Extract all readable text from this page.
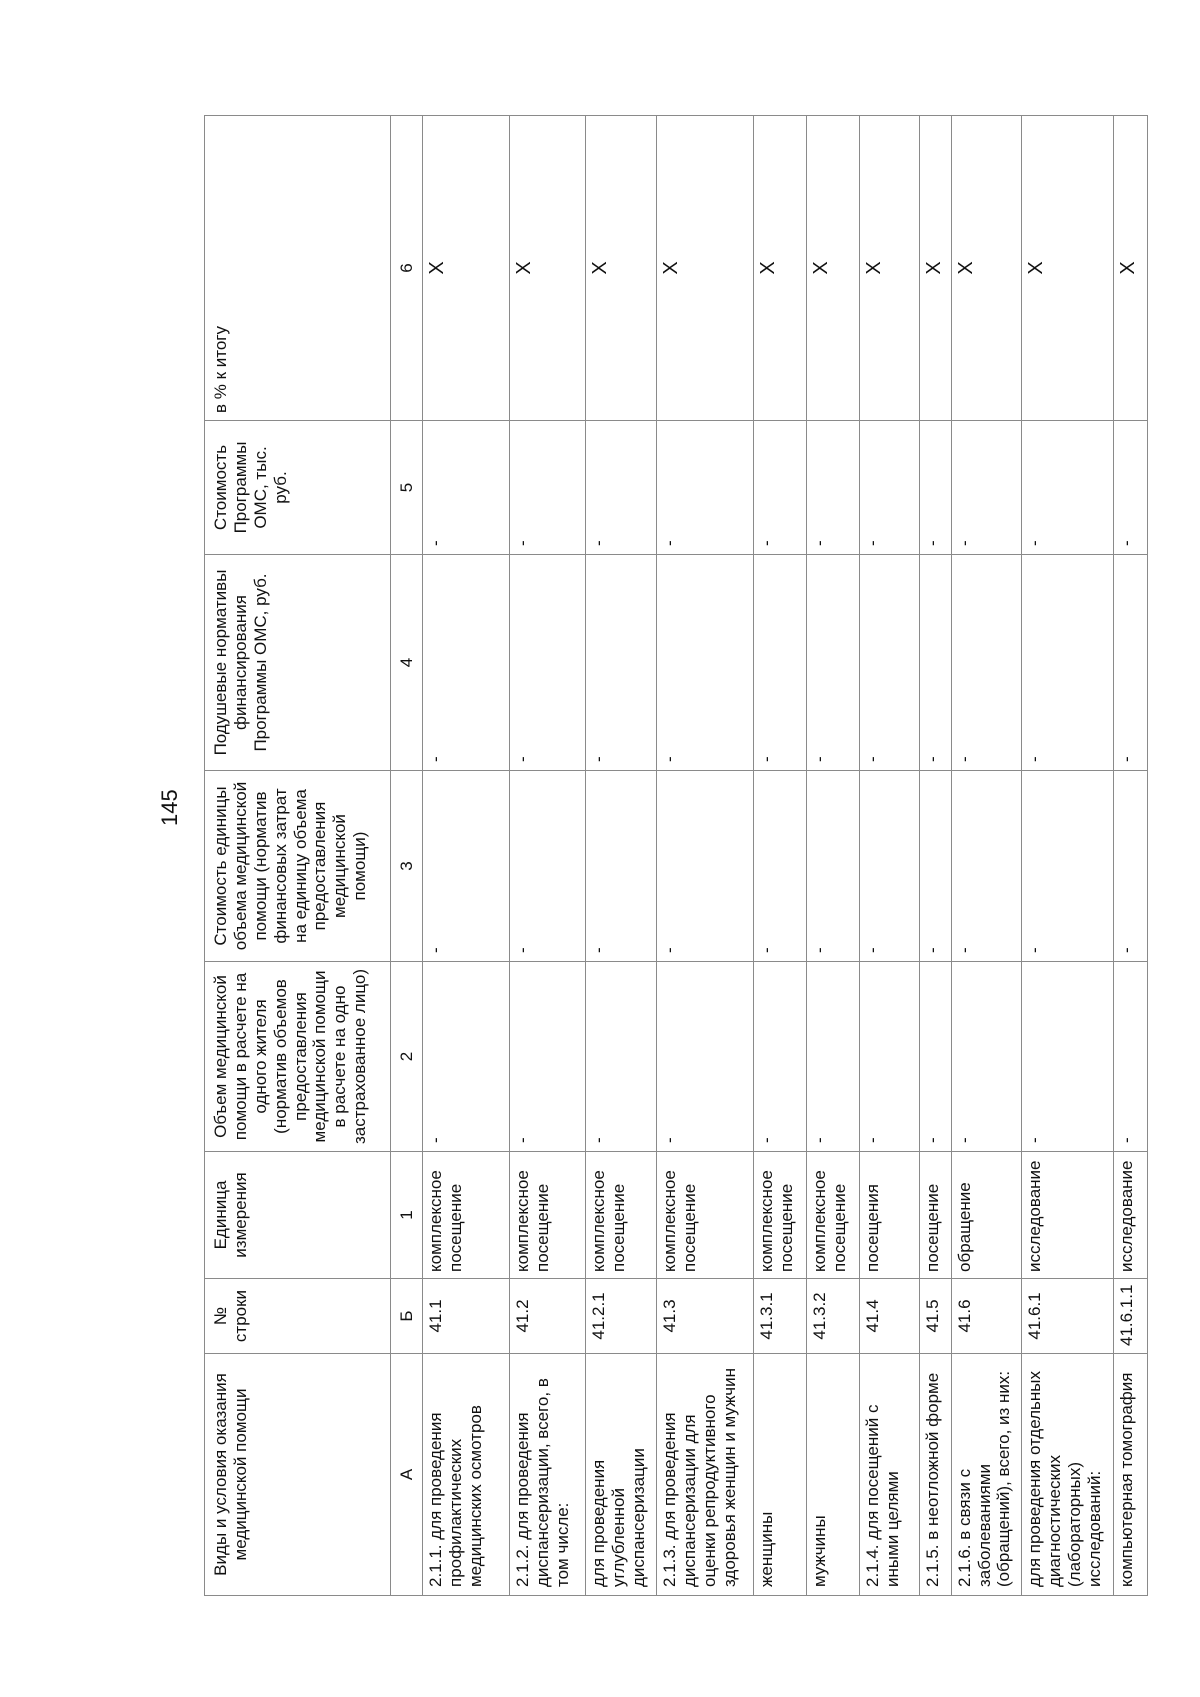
145
Виды и условия оказания медицинской помощи	№ строки	Единица измерения	Объем медицинской помощи в расчете на одного жителя (норматив объемов предоставления медицинской помощи в расчете на одно застрахованное лицо)	Стоимость единицы объема медицинской помощи (норматив финансовых затрат на единицу объема предоставления медицинской помощи)	Подушевые нормативы финансирования Программы ОМС, руб.	Стоимость Программы ОМС, тыс. руб.	в % к итогу
А	Б	1	2	3	4	5	6
2.1.1. для проведения профилактических медицинских осмотров	41.1	комплексное посещение	-	-	-	-	X
2.1.2. для проведения диспансеризации, всего, в том числе:	41.2	комплексное посещение	-	-	-	-	X
для проведения углубленной диспансеризации	41.2.1	комплексное посещение	-	-	-	-	X
2.1.3. для проведения диспансеризации для оценки репродуктивного здоровья женщин и мужчин	41.3	комплексное посещение	-	-	-	-	X
женщины	41.3.1	комплексное посещение	-	-	-	-	X
мужчины	41.3.2	комплексное посещение	-	-	-	-	X
2.1.4. для посещений с иными целями	41.4	посещения	-	-	-	-	X
2.1.5. в неотложной форме	41.5	посещение	-	-	-	-	X
2.1.6. в связи с заболеваниями (обращений), всего, из них:	41.6	обращение	-	-	-	-	X
для проведения отдельных диагностических (лабораторных) исследований:	41.6.1	исследование	-	-	-	-	X
компьютерная томография	41.6.1.1	исследование	-	-	-	-	X
